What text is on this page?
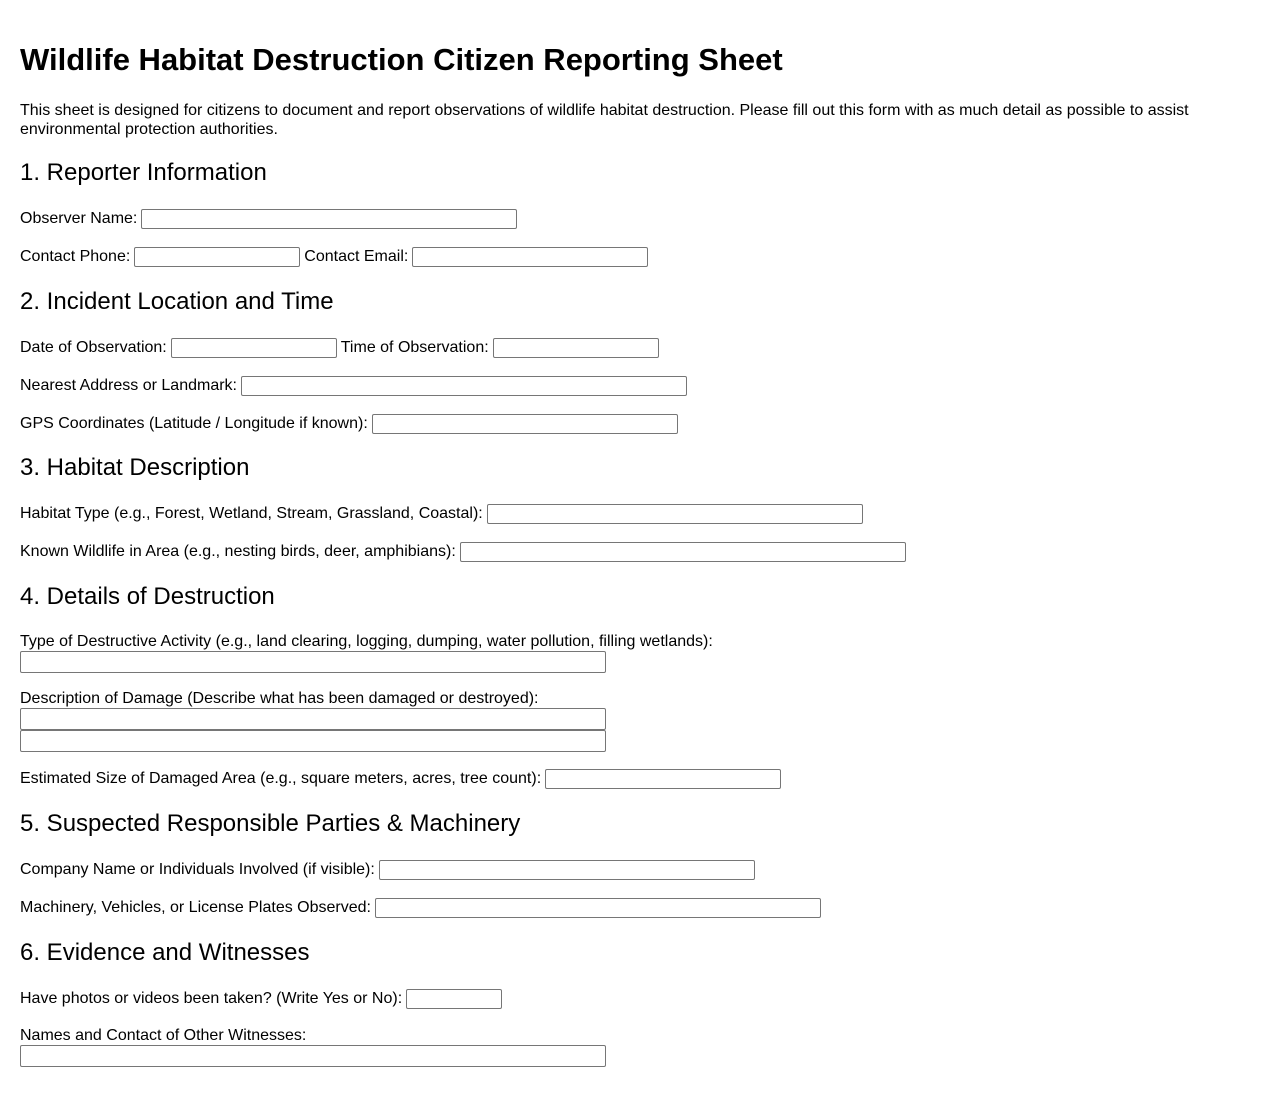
Wildlife Habitat Destruction Citizen Reporting Sheet

This sheet is designed for citizens to document and report observations of wildlife habitat destruction. Please fill out this form with as much detail as possible to assist environmental protection authorities.

1. Reporter Information
Observer Name:
Contact Phone:	Contact Email:
2. Incident Location and Time
Date of Observation:	Time of Observation:
Nearest Address or Landmark:
GPS Coordinates (Latitude / Longitude if known):
3. Habitat Description
Habitat Type (e.g., Forest, Wetland, Stream, Grassland, Coastal):
Known Wildlife in Area (e.g., nesting birds, deer, amphibians):
4. Details of Destruction
Type of Destructive Activity (e.g., land clearing, logging, dumping, water pollution, filling wetlands):
Description of Damage (Describe what has been damaged or destroyed):
Estimated Size of Damaged Area (e.g., square meters, acres, tree count):
5. Suspected Responsible Parties & Machinery
Company Name or Individuals Involved (if visible):
Machinery, Vehicles, or License Plates Observed:
6. Evidence and Witnesses
Have photos or videos been taken? (Write Yes or No):
Names and Contact of Other Witnesses:
